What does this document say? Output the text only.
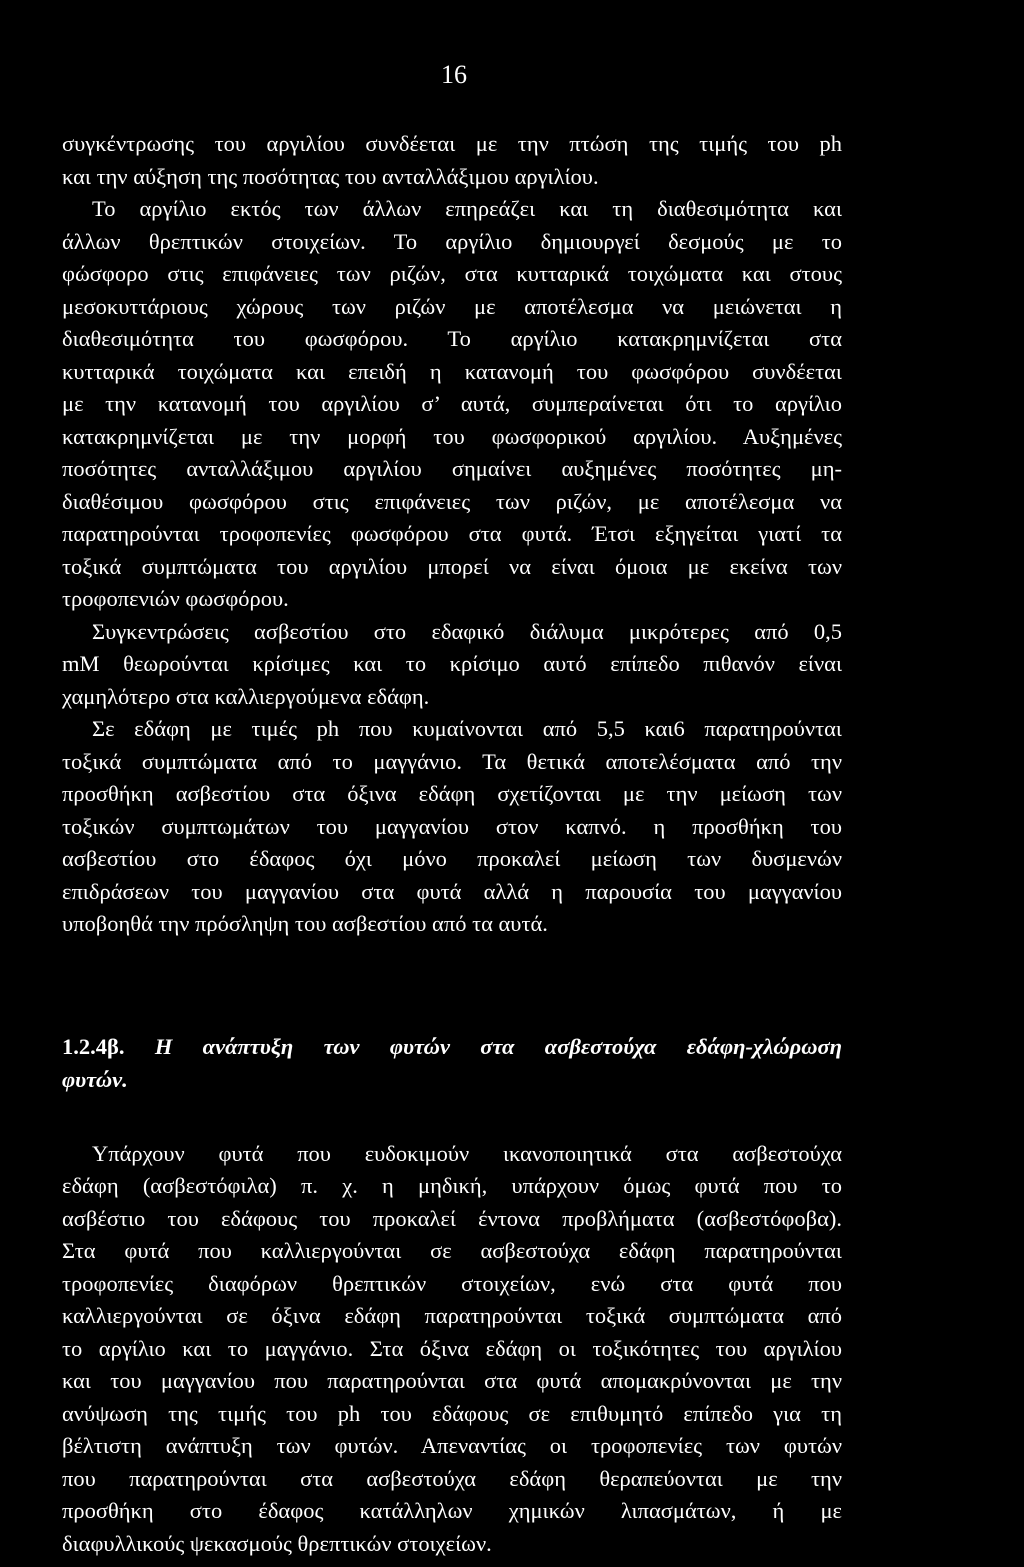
16
συγκέντρωσης του αργιλίου συνδέεται με την πτώση της τιμής του ph
και την αύξηση της ποσότητας του ανταλλάξιμου αργιλίου.
Το αργίλιο εκτός των άλλων επηρεάζει και τη διαθεσιμότητα και
άλλων θρεπτικών στοιχείων. Το αργίλιο δημιουργεί δεσμούς με το
φώσφορο στις επιφάνειες των ριζών, στα κυτταρικά τοιχώματα και στους
μεσοκυττάριους χώρους των ριζών με αποτέλεσμα να μειώνεται η
διαθεσιμότητα του φωσφόρου. Το αργίλιο κατακρημνίζεται στα
κυτταρικά τοιχώματα και επειδή η κατανομή του φωσφόρου συνδέεται
με την κατανομή του αργιλίου σ’ αυτά, συμπεραίνεται ότι το αργίλιο
κατακρημνίζεται με την μορφή του φωσφορικού αργιλίου. Αυξημένες
ποσότητες ανταλλάξιμου αργιλίου σημαίνει αυξημένες ποσότητες μη-
διαθέσιμου φωσφόρου στις επιφάνειες των ριζών, με αποτέλεσμα να
παρατηρούνται τροφοπενίες φωσφόρου στα φυτά. Έτσι εξηγείται γιατί τα
τοξικά συμπτώματα του αργιλίου μπορεί να είναι όμοια με εκείνα των
τροφοπενιών φωσφόρου.
Συγκεντρώσεις ασβεστίου στο εδαφικό διάλυμα μικρότερες από 0,5
mM θεωρούνται κρίσιμες και το κρίσιμο αυτό επίπεδο πιθανόν είναι
χαμηλότερο στα καλλιεργούμενα εδάφη.
Σε εδάφη με τιμές ph που κυμαίνονται από 5,5 και6 παρατηρούνται
τοξικά συμπτώματα από το μαγγάνιο. Τα θετικά αποτελέσματα από την
προσθήκη ασβεστίου στα όξινα εδάφη σχετίζονται με την μείωση των
τοξικών συμπτωμάτων του μαγγανίου στον καπνό. η προσθήκη του
ασβεστίου στο έδαφος όχι μόνο προκαλεί μείωση των δυσμενών
επιδράσεων του μαγγανίου στα φυτά αλλά η παρουσία του μαγγανίου
υποβοηθά την πρόσληψη του ασβεστίου από τα αυτά.
1.2.4β. Η ανάπτυξη των φυτών στα ασβεστούχα εδάφη-χλώρωση
φυτών.
Υπάρχουν φυτά που ευδοκιμούν ικανοποιητικά στα ασβεστούχα
εδάφη (ασβεστόφιλα) π. χ. η μηδική, υπάρχουν όμως φυτά που το
ασβέστιο του εδάφους του προκαλεί έντονα προβλήματα (ασβεστόφοβα).
Στα φυτά που καλλιεργούνται σε ασβεστούχα εδάφη παρατηρούνται
τροφοπενίες διαφόρων θρεπτικών στοιχείων, ενώ στα φυτά που
καλλιεργούνται σε όξινα εδάφη παρατηρούνται τοξικά συμπτώματα από
το αργίλιο και το μαγγάνιο. Στα όξινα εδάφη οι τοξικότητες του αργιλίου
και του μαγγανίου που παρατηρούνται στα φυτά απομακρύνονται με την
ανύψωση της τιμής του ph του εδάφους σε επιθυμητό επίπεδο για τη
βέλτιστη ανάπτυξη των φυτών. Απεναντίας οι τροφοπενίες των φυτών
που παρατηρούνται στα ασβεστούχα εδάφη θεραπεύονται με την
προσθήκη στο έδαφος κατάλληλων χημικών λιπασμάτων, ή με
διαφυλλικούς ψεκασμούς θρεπτικών στοιχείων.
